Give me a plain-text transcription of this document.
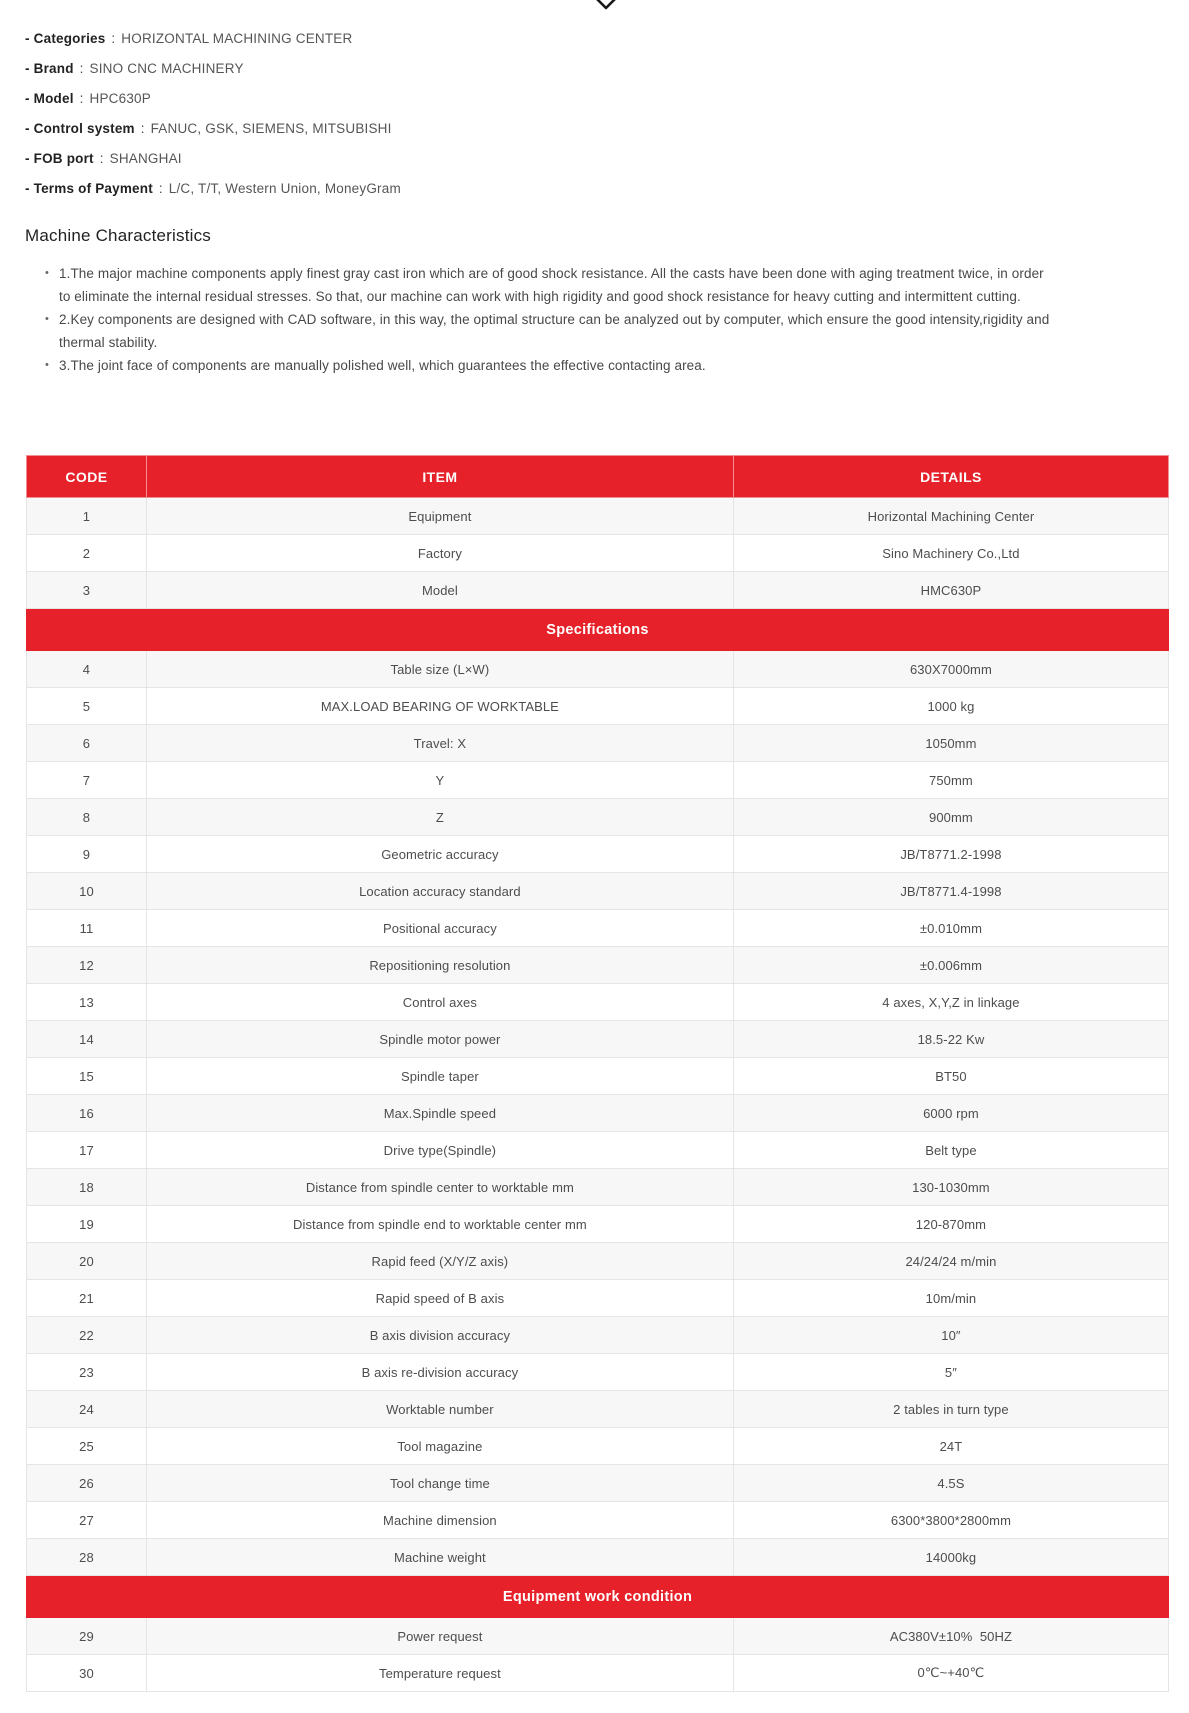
- Categories : HORIZONTAL MACHINING CENTER
- Brand : SINO CNC MACHINERY
- Model : HPC630P
- Control system : FANUC, GSK, SIEMENS, MITSUBISHI
- FOB port : SHANGHAI
- Terms of Payment : L/C, T/T, Western Union, MoneyGram
Machine Characteristics
• 1.The major machine components apply finest gray cast iron which are of good shock resistance. All the casts have been done with aging treatment twice, in order to eliminate the internal residual stresses. So that, our machine can work with high rigidity and good shock resistance for heavy cutting and intermittent cutting.
• 2.Key components are designed with CAD software, in this way, the optimal structure can be analyzed out by computer, which ensure the good intensity,rigidity and thermal stability.
• 3.The joint face of components are manually polished well, which guarantees the effective contacting area.
CODE	ITEM	DETAILS
1	Equipment	Horizontal Machining Center
2	Factory	Sino Machinery Co.,Ltd
3	Model	HMC630P
Specifications		
4	Table size (L×W)	630X7000mm
5	MAX.LOAD BEARING OF WORKTABLE	1000 kg
6	Travel: X	1050mm
7	Y	750mm
8	Z	900mm
9	Geometric accuracy	JB/T8771.2-1998
10	Location accuracy standard	JB/T8771.4-1998
11	Positional accuracy	±0.010mm
12	Repositioning resolution	±0.006mm
13	Control axes	4 axes, X,Y,Z in linkage
14	Spindle motor power	18.5-22 Kw
15	Spindle taper	BT50
16	Max.Spindle speed	6000 rpm
17	Drive type(Spindle)	Belt type
18	Distance from spindle center to worktable mm	130-1030mm
19	Distance from spindle end to worktable center mm	120-870mm
20	Rapid feed (X/Y/Z axis)	24/24/24 m/min
21	Rapid speed of B axis	10m/min
22	B axis division accuracy	10″
23	B axis re-division accuracy	5″
24	Worktable number	2 tables in turn type
25	Tool magazine	24T
26	Tool change time	4.5S
27	Machine dimension	6300*3800*2800mm
28	Machine weight	14000kg
Equipment work condition		
29	Power request	AC380V±10%  50HZ
30	Temperature request	0℃~+40℃
